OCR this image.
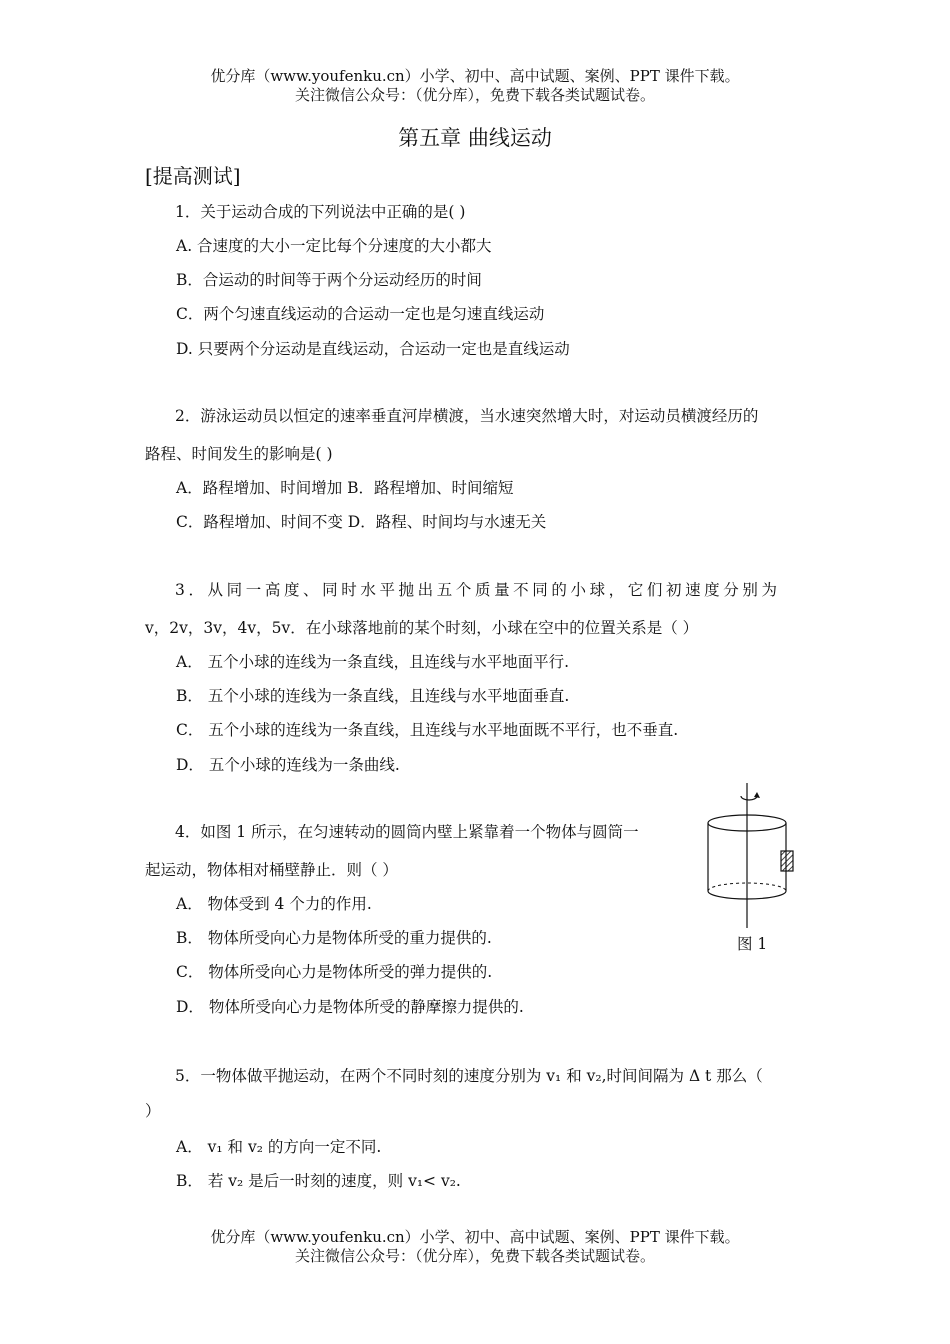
优分库（www.youfenku.cn）小学、初中、高中试题、案例、PPT 课件下载。
关注微信公众号：（优分库），免费下载各类试题试卷。
第五章 曲线运动
[提高测试]
1．关于运动合成的下列说法中正确的是( )
A. 合速度的大小一定比每个分速度的大小都大
B．合运动的时间等于两个分运动经历的时间
C．两个匀速直线运动的合运动一定也是匀速直线运动
D. 只要两个分运动是直线运动，合运动一定也是直线运动
2．游泳运动员以恒定的速率垂直河岸横渡，当水速突然增大时，对运动员横渡经历的
路程、时间发生的影响是( )
A．路程增加、时间增加 B．路程增加、时间缩短
C．路程增加、时间不变 D．路程、时间均与水速无关
3．从同一高度、同时水平抛出五个质量不同的小球，它们初速度分别为
v，2v，3v，4v，5v．在小球落地前的某个时刻，小球在空中的位置关系是（ ）
A． 五个小球的连线为一条直线，且连线与水平地面平行.
B． 五个小球的连线为一条直线，且连线与水平地面垂直.
C． 五个小球的连线为一条直线，且连线与水平地面既不平行，也不垂直.
D． 五个小球的连线为一条曲线.
4．如图 1 所示，在匀速转动的圆筒内壁上紧靠着一个物体与圆筒一
起运动，物体相对桶壁静止．则（ ）
A． 物体受到 4 个力的作用.
B． 物体所受向心力是物体所受的重力提供的.
C． 物体所受向心力是物体所受的弹力提供的.
D． 物体所受向心力是物体所受的静摩擦力提供的.
图 1
5．一物体做平抛运动，在两个不同时刻的速度分别为 v₁ 和 v₂,时间间隔为 Δ t 那么（
）
A． v₁ 和 v₂ 的方向一定不同.
B． 若 v₂ 是后一时刻的速度，则 v₁< v₂.
优分库（www.youfenku.cn）小学、初中、高中试题、案例、PPT 课件下载。
关注微信公众号：（优分库），免费下载各类试题试卷。
